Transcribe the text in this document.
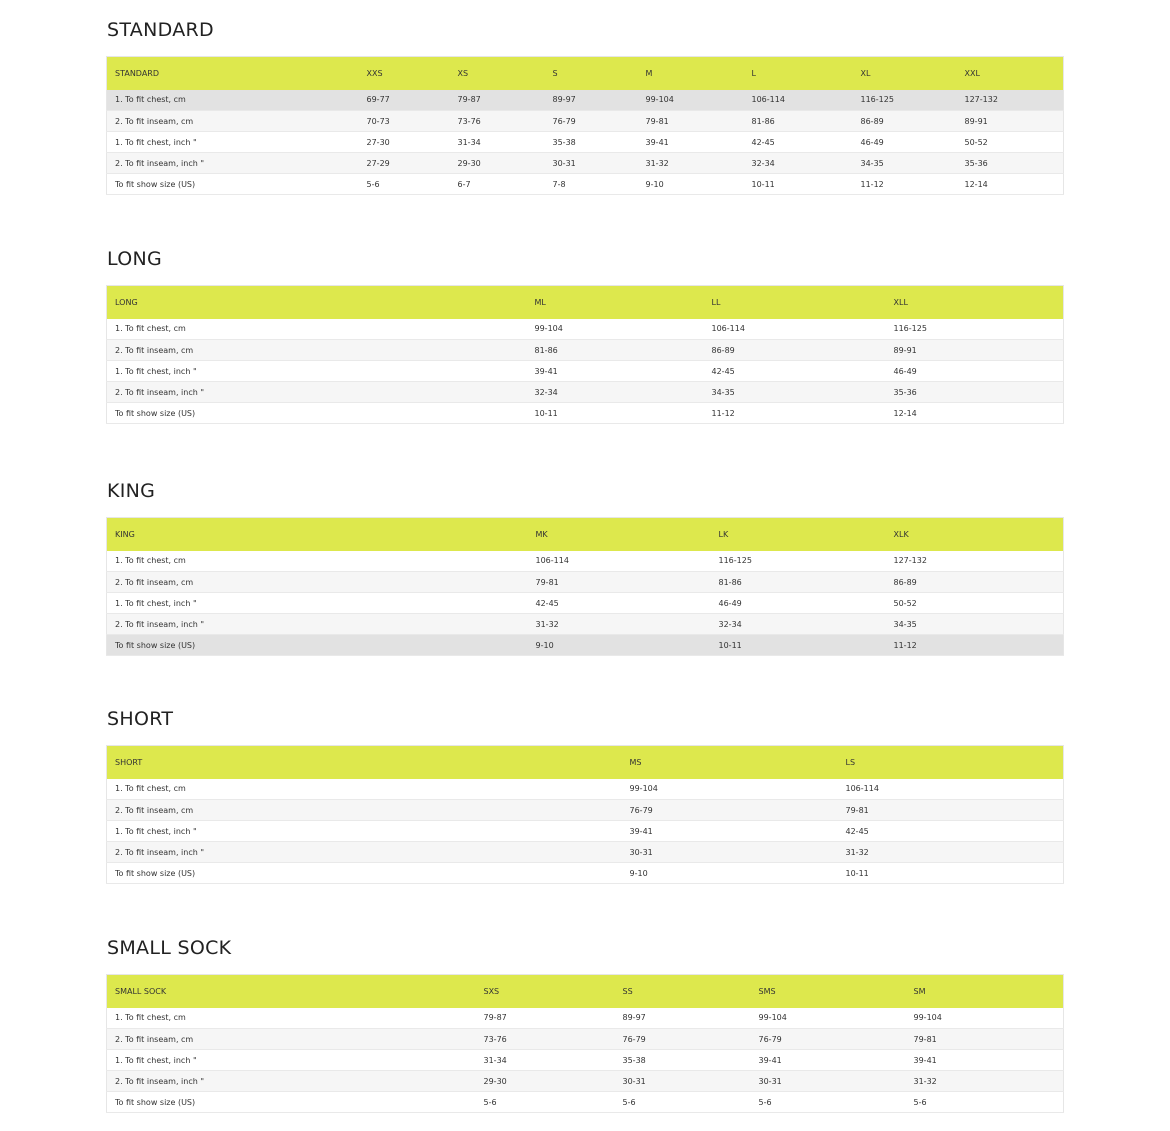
STANDARD
STANDARD	XXS	XS	S	M	L	XL	XXL
1. To fit chest, cm	69-77	79-87	89-97	99-104	106-114	116-125	127-132
2. To fit inseam, cm	70-73	73-76	76-79	79-81	81-86	86-89	89-91
1. To fit chest, inch "	27-30	31-34	35-38	39-41	42-45	46-49	50-52
2. To fit inseam, inch "	27-29	29-30	30-31	31-32	32-34	34-35	35-36
To fit show size (US)	5-6	6-7	7-8	9-10	10-11	11-12	12-14
LONG
LONG	ML	LL	XLL
1. To fit chest, cm	99-104	106-114	116-125
2. To fit inseam, cm	81-86	86-89	89-91
1. To fit chest, inch "	39-41	42-45	46-49
2. To fit inseam, inch "	32-34	34-35	35-36
To fit show size (US)	10-11	11-12	12-14
KING
KING	MK	LK	XLK
1. To fit chest, cm	106-114	116-125	127-132
2. To fit inseam, cm	79-81	81-86	86-89
1. To fit chest, inch "	42-45	46-49	50-52
2. To fit inseam, inch "	31-32	32-34	34-35
To fit show size (US)	9-10	10-11	11-12
SHORT
SHORT	MS	LS
1. To fit chest, cm	99-104	106-114
2. To fit inseam, cm	76-79	79-81
1. To fit chest, inch "	39-41	42-45
2. To fit inseam, inch "	30-31	31-32
To fit show size (US)	9-10	10-11
SMALL SOCK
SMALL SOCK	SXS	SS	SMS	SM
1. To fit chest, cm	79-87	89-97	99-104	99-104
2. To fit inseam, cm	73-76	76-79	76-79	79-81
1. To fit chest, inch "	31-34	35-38	39-41	39-41
2. To fit inseam, inch "	29-30	30-31	30-31	31-32
To fit show size (US)	5-6	5-6	5-6	5-6
